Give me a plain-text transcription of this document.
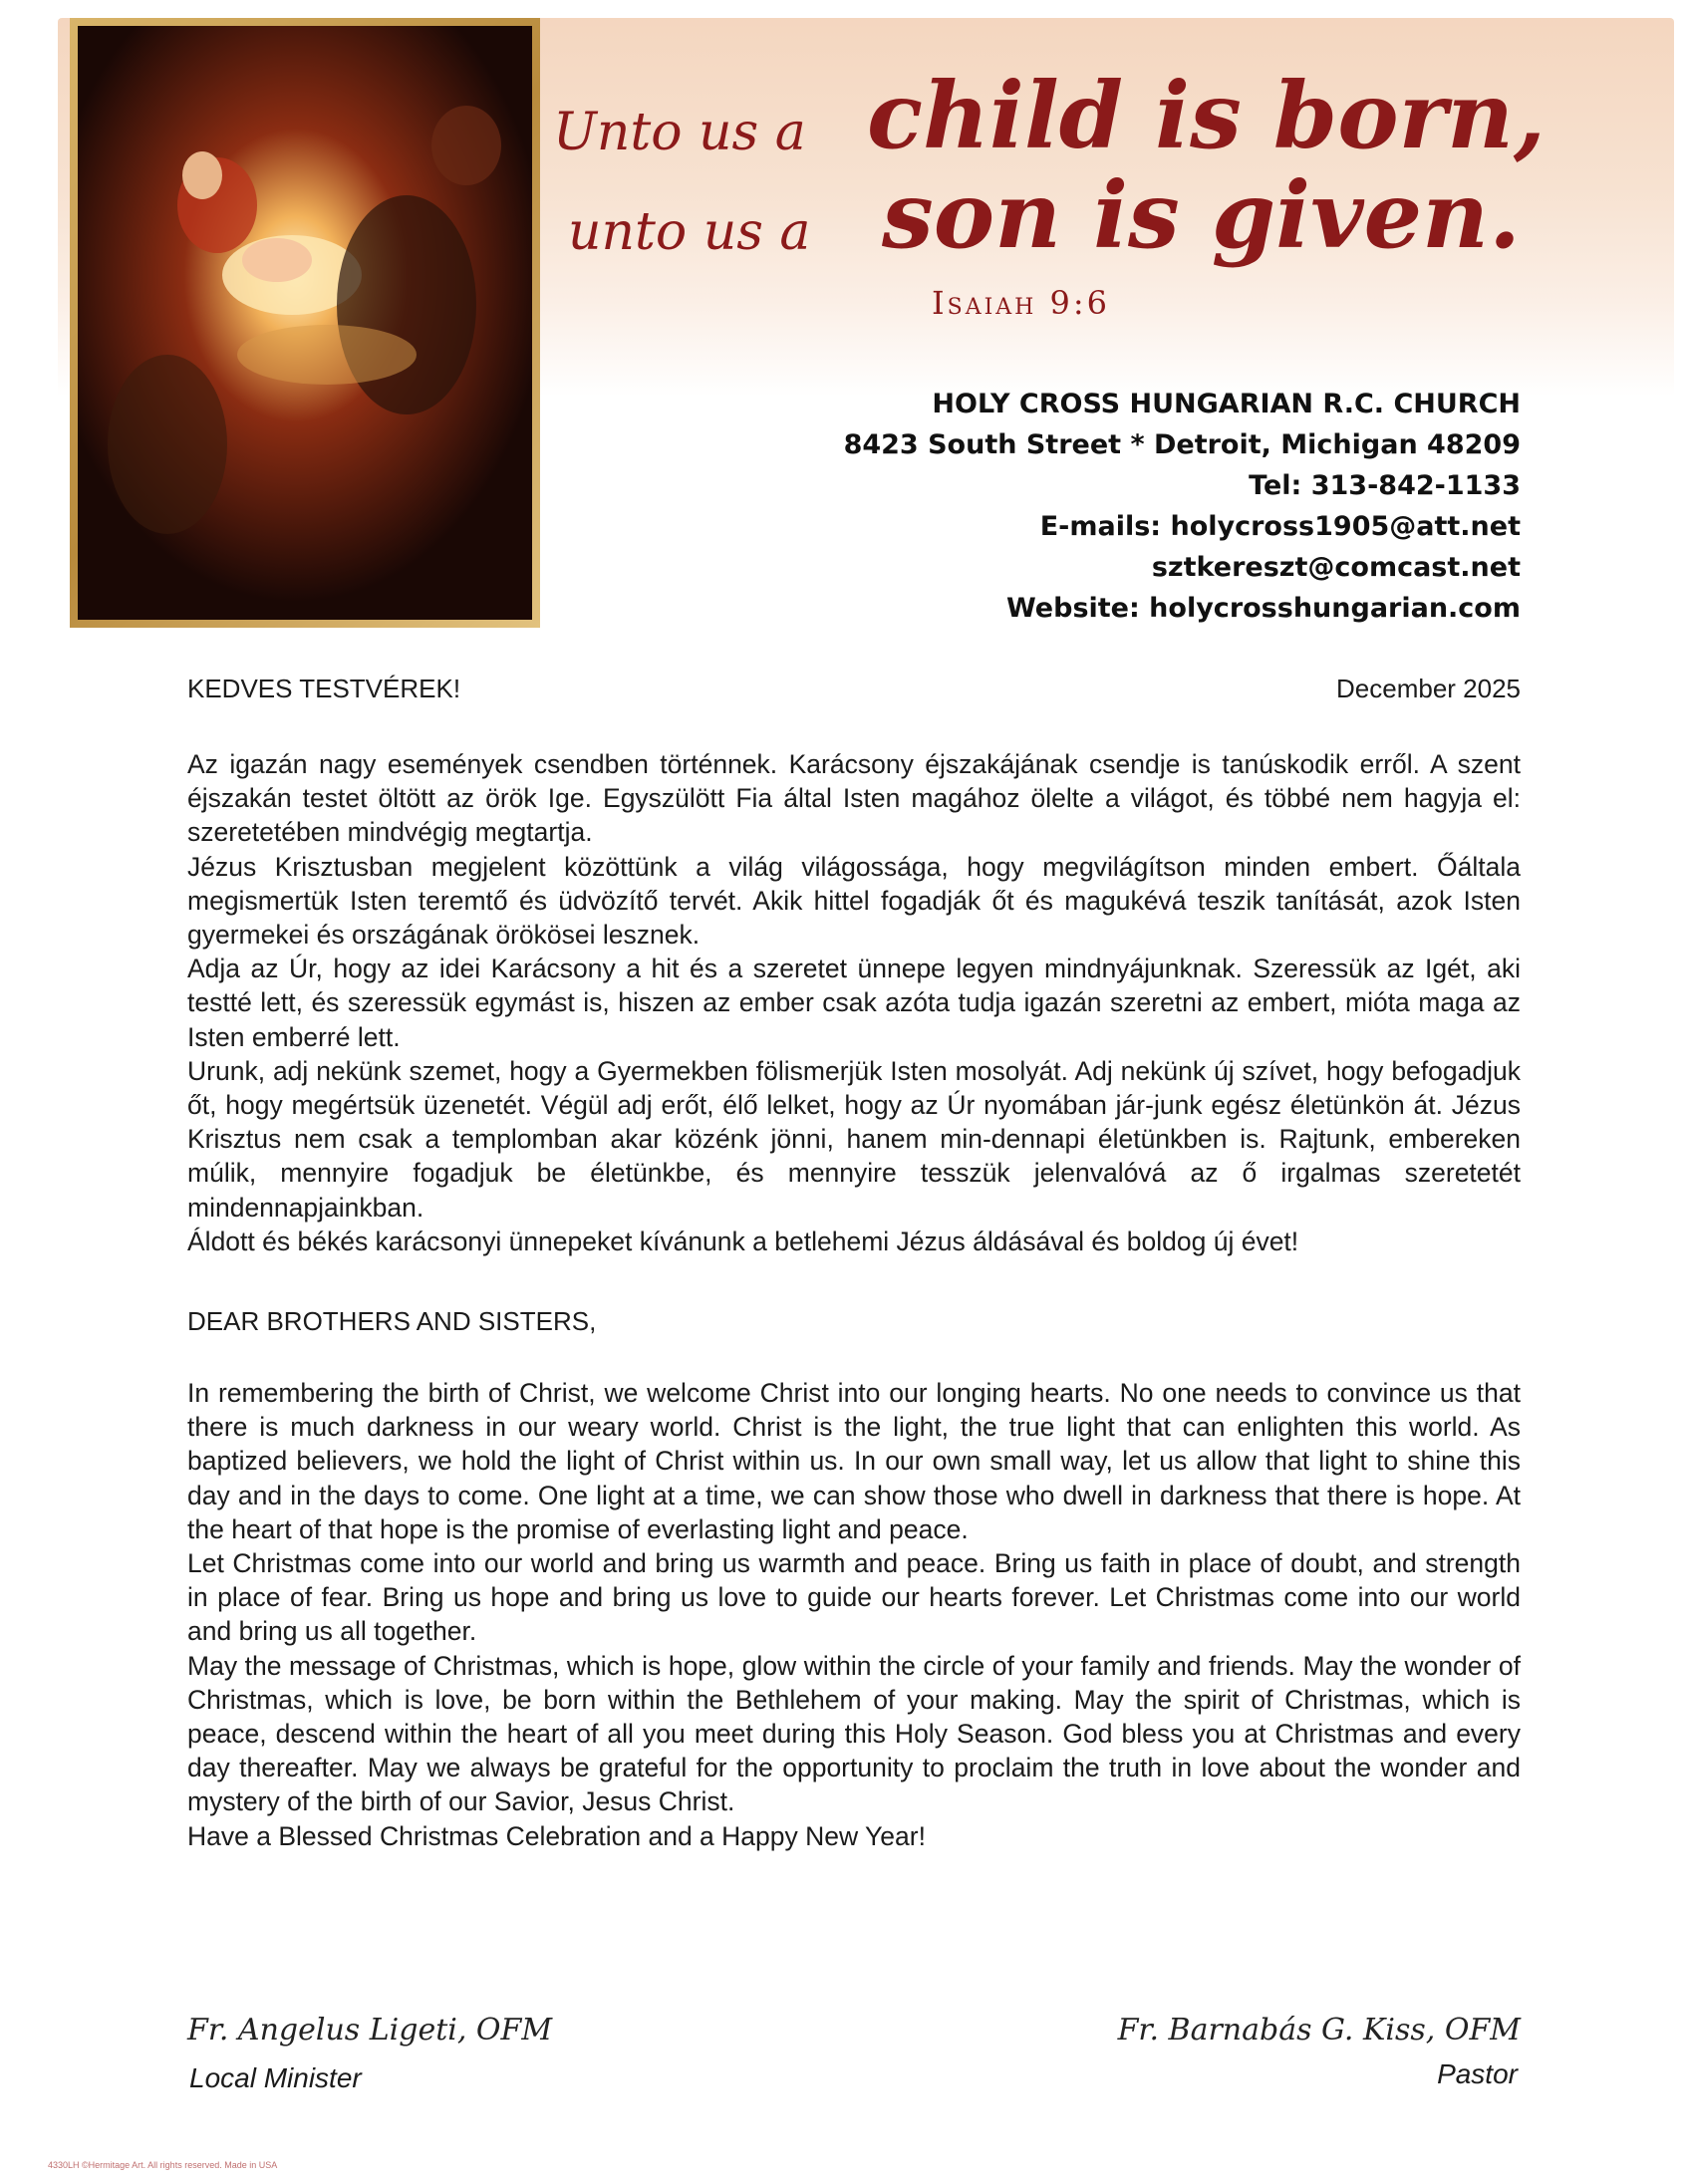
Unto us a child is born,
unto us a son is given.
Isaiah 9:6
HOLY CROSS HUNGARIAN R.C. CHURCH
8423 South Street * Detroit, Michigan 48209
Tel: 313-842-1133
E-mails: holycross1905@att.net
sztkereszt@comcast.net
Website: holycrosshungarian.com
KEDVES TESTVÉREK!	December 2025

Az igazán nagy események csendben történnek. Karácsony éjszakájának csendje is tanúskodik erről. A szent éjszakán testet öltött az örök Ige. Egyszülött Fia által Isten magához ölelte a világot, és többé nem hagyja el: szeretetében mindvégig megtartja.

Jézus Krisztusban megjelent közöttünk a világ világossága, hogy megvilágítson minden embert. Őáltala megismertük Isten teremtő és üdvözítő tervét. Akik hittel fogadják őt és magukévá teszik tanítását, azok Isten gyermekei és országának örökösei lesznek.

Adja az Úr, hogy az idei Karácsony a hit és a szeretet ünnepe legyen mindnyájunknak. Szeressük az Igét, aki testté lett, és szeressük egymást is, hiszen az ember csak azóta tudja igazán szeretni az embert, mióta maga az Isten emberré lett.

Urunk, adj nekünk szemet, hogy a Gyermekben fölismerjük Isten mosolyát. Adj nekünk új szívet, hogy befogadjuk őt, hogy megértsük üzenetét. Végül adj erőt, élő lelket, hogy az Úr nyomában jár-junk egész életünkön át. Jézus Krisztus nem csak a templomban akar közénk jönni, hanem min-dennapi életünkben is. Rajtunk, embereken múlik, mennyire fogadjuk be életünkbe, és mennyire tesszük jelenvalóvá az ő irgalmas szeretetét mindennapjainkban.

Áldott és békés karácsonyi ünnepeket kívánunk a betlehemi Jézus áldásával és boldog új évet!

DEAR BROTHERS AND SISTERS,

In remembering the birth of Christ, we welcome Christ into our longing hearts. No one needs to convince us that there is much darkness in our weary world. Christ is the light, the true light that can enlighten this world. As baptized believers, we hold the light of Christ within us. In our own small way, let us allow that light to shine this day and in the days to come. One light at a time, we can show those who dwell in darkness that there is hope. At the heart of that hope is the promise of everlasting light and peace.

Let Christmas come into our world and bring us warmth and peace. Bring us faith in place of doubt, and strength in place of fear. Bring us hope and bring us love to guide our hearts forever. Let Christmas come into our world and bring us all together.

May the message of Christmas, which is hope, glow within the circle of your family and friends. May the wonder of Christmas, which is love, be born within the Bethlehem of your making. May the spirit of Christmas, which is peace, descend within the heart of all you meet during this Holy Season. God bless you at Christmas and every day thereafter. May we always be grateful for the opportunity to proclaim the truth in love about the wonder and mystery of the birth of our Savior, Jesus Christ.

Have a Blessed Christmas Celebration and a Happy New Year!

Fr. Angelus Ligeti, OFM
Local Minister
Fr. Barnabás G. Kiss, OFM
Pastor
4330LH ©Hermitage Art. All rights reserved. Made in USA
